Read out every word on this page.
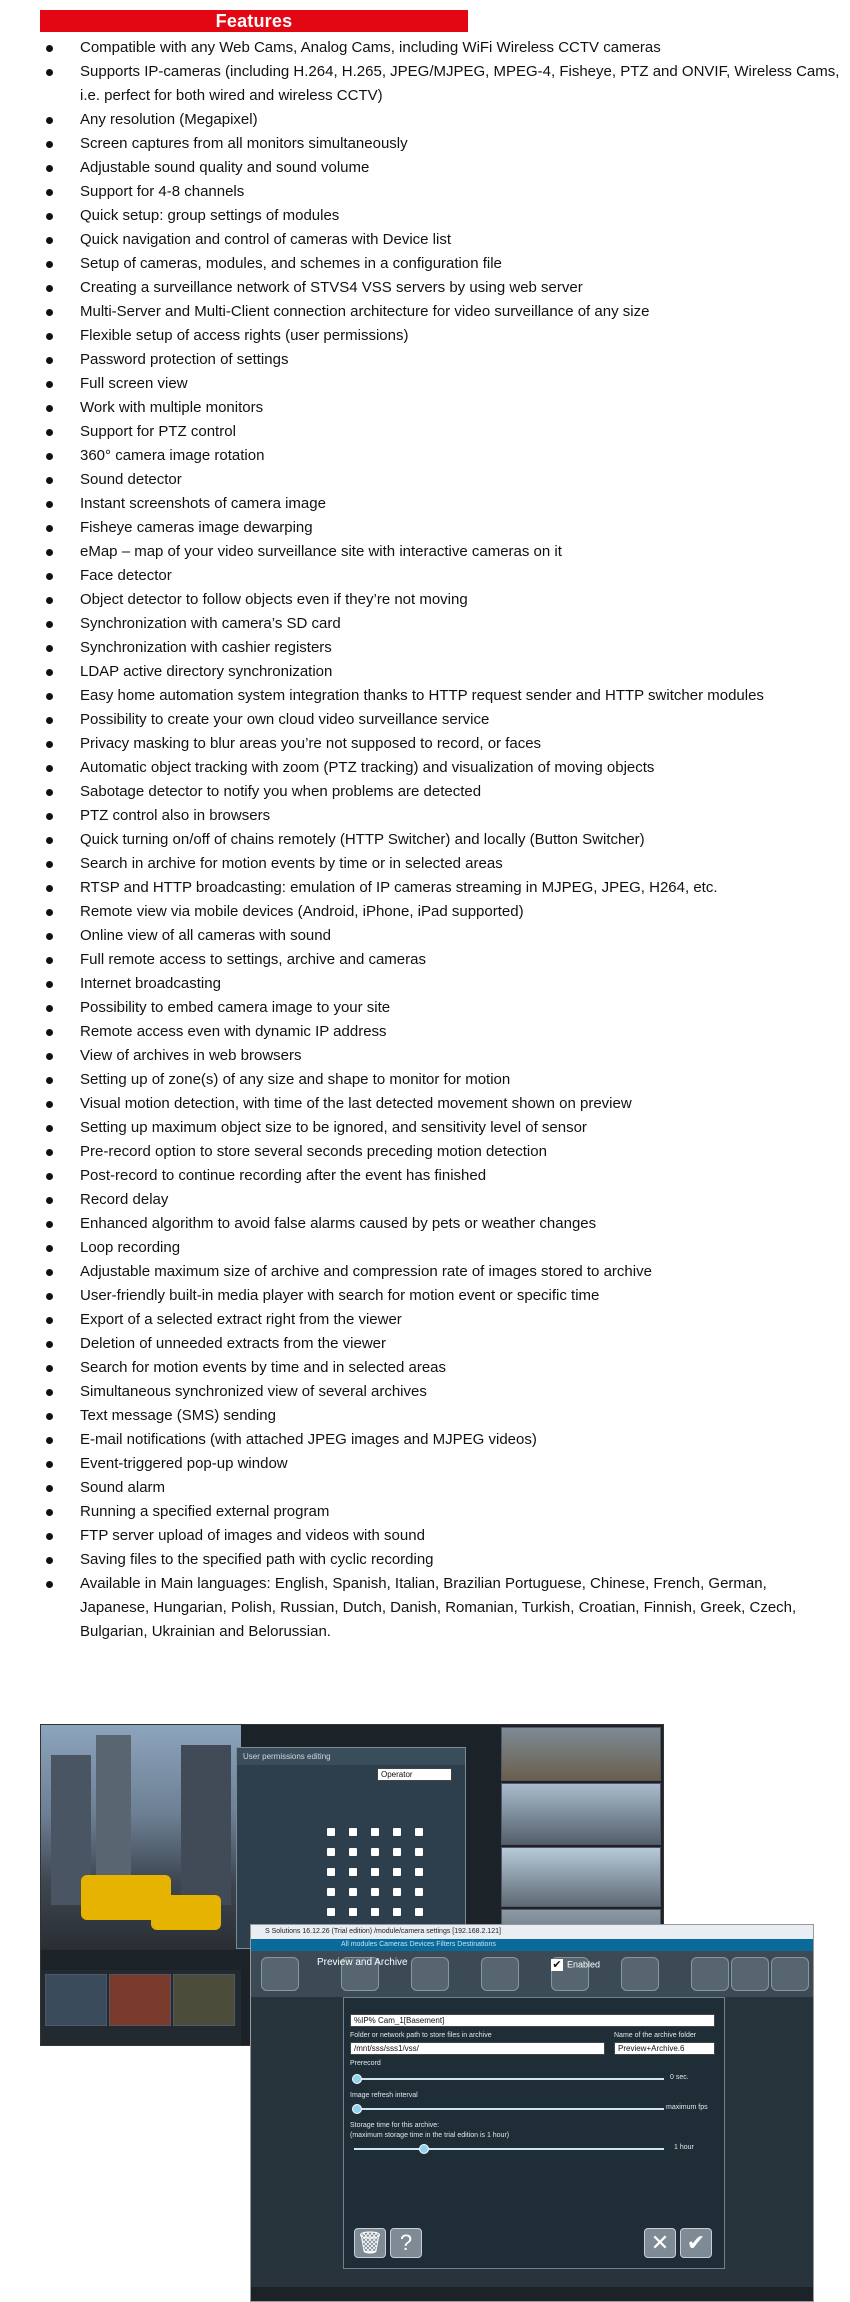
Features
Compatible with any Web Cams, Analog Cams, including WiFi Wireless CCTV cameras
Supports IP-cameras (including H.264, H.265, JPEG/MJPEG, MPEG-4, Fisheye, PTZ and ONVIF, Wireless Cams, i.e. perfect for both wired and wireless CCTV)
Any resolution (Megapixel)
Screen captures from all monitors simultaneously
Adjustable sound quality and sound volume
Support for 4-8 channels
Quick setup: group settings of modules
Quick navigation and control of cameras with Device list
Setup of cameras, modules, and schemes in a configuration file
Creating a surveillance network of STVS4 VSS servers by using web server
Multi-Server and Multi-Client connection architecture for video surveillance of any size
Flexible setup of access rights (user permissions)
Password protection of settings
Full screen view
Work with multiple monitors
Support for PTZ control
360° camera image rotation
Sound detector
Instant screenshots of camera image
Fisheye cameras image dewarping
eMap – map of your video surveillance site with interactive cameras on it
Face detector
Object detector to follow objects even if they’re not moving
Synchronization with camera’s SD card
Synchronization with cashier registers
LDAP active directory synchronization
Easy home automation system integration thanks to HTTP request sender and HTTP switcher modules
Possibility to create your own cloud video surveillance service
Privacy masking to blur areas you’re not supposed to record, or faces
Automatic object tracking with zoom (PTZ tracking) and visualization of moving objects
Sabotage detector to notify you when problems are detected
PTZ control also in browsers
Quick turning on/off of chains remotely (HTTP Switcher) and locally (Button Switcher)
Search in archive for motion events by time or in selected areas
RTSP and HTTP broadcasting: emulation of IP cameras streaming in MJPEG, JPEG, H264, etc.
Remote view via mobile devices (Android, iPhone, iPad supported)
Online view of all cameras with sound
Full remote access to settings, archive and cameras
Internet broadcasting
Possibility to embed camera image to your site
Remote access even with dynamic IP address
View of archives in web browsers
Setting up of zone(s) of any size and shape to monitor for motion
Visual motion detection, with time of the last detected movement shown on preview
Setting up maximum object size to be ignored, and sensitivity level of sensor
Pre-record option to store several seconds preceding motion detection
Post-record to continue recording after the event has finished
Record delay
Enhanced algorithm to avoid false alarms caused by pets or weather changes
Loop recording
Adjustable maximum size of archive and compression rate of images stored to archive
User-friendly built-in media player with search for motion event or specific time
Export of a selected extract right from the viewer
Deletion of unneeded extracts from the viewer
Search for motion events by time and in selected areas
Simultaneous synchronized view of several archives
Text message (SMS) sending
E-mail notifications (with attached JPEG images and MJPEG videos)
Event-triggered pop-up window
Sound alarm
Running a specified external program
FTP server upload of images and videos with sound
Saving files to the specified path with cyclic recording
Available in Main languages: English, Spanish, Italian, Brazilian Portuguese, Chinese, French, German, Japanese, Hungarian, Polish, Russian, Dutch, Danish, Romanian, Turkish, Croatian, Finnish, Greek, Czech, Bulgarian, Ukrainian and Belorussian.
User permissions editing
Operator
S Solutions 16.12.26 (Trial edition) /module/camera settings [192.168.2.121]
All modules Cameras Devices Filters Destinations
Preview and Archive	✔ Enabled
%IP% Cam_1[Basement]
Folder or network path to store files in archive
/mnt/sss/sss1/vss/
Name of the archive folder
Preview+Archive.6
Prerecord
0 sec.
Image refresh interval
maximum fps
Storage time for this archive:
(maximum storage time in the trial edition is 1 hour)
1 hour
🗑 ?	✕ ✔
